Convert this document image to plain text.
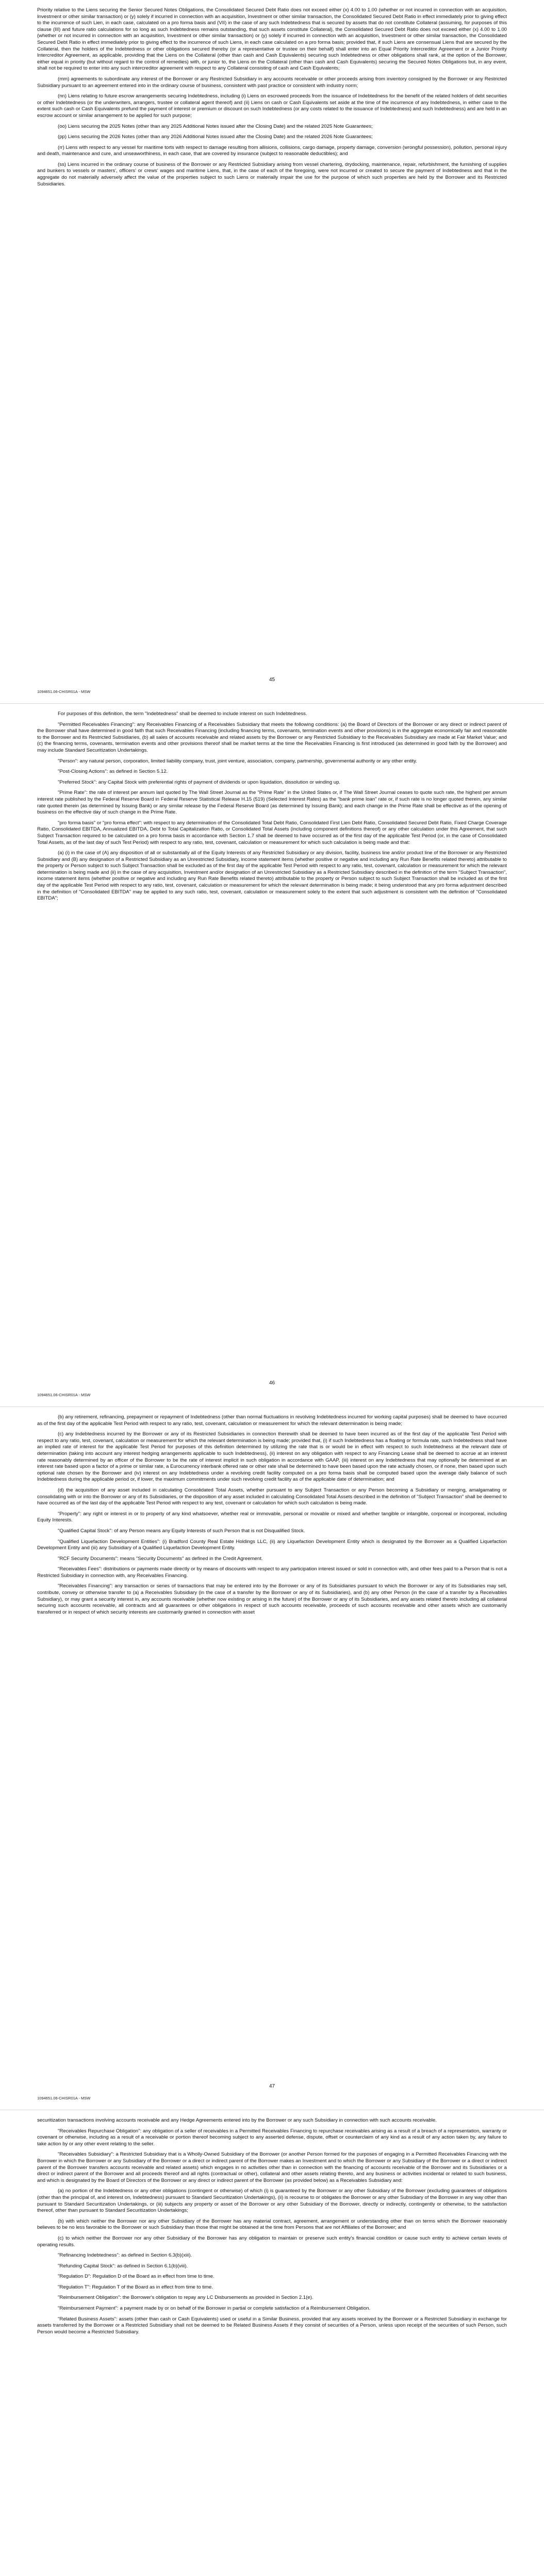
Priority relative to the Liens securing the Senior Secured Notes Obligations, the Consolidated Secured Debt Ratio does not exceed either (x) 4.00 to 1.00 (whether or not incurred in connection with an acquisition, Investment or other similar transaction) or (y) solely if incurred in connection with an acquisition, Investment or other similar transaction, the Consolidated Secured Debt Ratio in effect immediately prior to giving effect to the incurrence of such Lien, in each case, calculated on a pro forma basis and (VII) in the case of any such Indebtedness that is secured by assets that do not constitute Collateral (assuming, for purposes of this clause (III) and future ratio calculations for so long as such Indebtedness remains outstanding, that such assets constitute Collateral), the Consolidated Secured Debt Ratio does not exceed either (x) 4.00 to 1.00 (whether or not incurred in connection with an acquisition, Investment or other similar transaction) or (y) solely if incurred in connection with an acquisition, Investment or other similar transaction, the Consolidated Secured Debt Ratio in effect immediately prior to giving effect to the incurrence of such Liens, in each case calculated on a pro forma basis; provided that, if such Liens are consensual Liens that are secured by the Collateral, then the holders of the Indebtedness or other obligations secured thereby (or a representative or trustee on their behalf) shall enter into an Equal Priority Intercreditor Agreement or a Junior Priority Intercreditor Agreement, as applicable, providing that the Liens on the Collateral (other than cash and Cash Equivalents) securing such Indebtedness or other obligations shall rank, at the option of the Borrower, either equal in priority (but without regard to the control of remedies) with, or junior to, the Liens on the Collateral (other than cash and Cash Equivalents) securing the Secured Notes Obligations but, in any event, shall not be required to enter into any such intercreditor agreement with respect to any Collateral consisting of cash and Cash Equivalents;

(mm) agreements to subordinate any interest of the Borrower or any Restricted Subsidiary in any accounts receivable or other proceeds arising from inventory consigned by the Borrower or any Restricted Subsidiary pursuant to an agreement entered into in the ordinary course of business, consistent with past practice or consistent with industry norm;

(nn) Liens relating to future escrow arrangements securing Indebtedness, including (i) Liens on escrowed proceeds from the issuance of Indebtedness for the benefit of the related holders of debt securities or other Indebtedness (or the underwriters, arrangers, trustee or collateral agent thereof) and (ii) Liens on cash or Cash Equivalents set aside at the time of the incurrence of any Indebtedness, in either case to the extent such cash or Cash Equivalents prefund the payment of interest or premium or discount on such Indebtedness (or any costs related to the issuance of Indebtedness) and such Indebtedness) and are held in an escrow account or similar arrangement to be applied for such purpose;

(oo) Liens securing the 2025 Notes (other than any 2025 Additional Notes issued after the Closing Date) and the related 2025 Note Guarantees;

(pp) Liens securing the 2026 Notes (other than any 2026 Additional Notes issued after the Closing Date) and the related 2026 Note Guarantees;

(rr) Liens with respect to any vessel for maritime torts with respect to damage resulting from allisions, collisions, cargo damage, property damage, conversion (wrongful possession), pollution, personal injury and death, maintenance and cure, and unseaworthiness, in each case, that are covered by insurance (subject to reasonable deductibles); and

(ss) Liens incurred in the ordinary course of business of the Borrower or any Restricted Subsidiary arising from vessel chartering, drydocking, maintenance, repair, refurbishment, the furnishing of supplies and bunkers to vessels or masters', officers' or crews' wages and maritime Liens, that, in the case of each of the foregoing, were not incurred or created to secure the payment of Indebtedness and that in the aggregate do not materially adversely affect the value of the properties subject to such Liens or materially impair the use for the purpose of which such properties are held by the Borrower and its Restricted Subsidiaries.

45
1094651.06-CHISR01A - MSW

For purposes of this definition, the term "Indebtedness" shall be deemed to include interest on such Indebtedness.

"Permitted Receivables Financing": any Receivables Financing of a Receivables Subsidiary that meets the following conditions: (a) the Board of Directors of the Borrower or any direct or indirect parent of the Borrower shall have determined in good faith that such Receivables Financing (including financing terms, covenants, termination events and other provisions) is in the aggregate economically fair and reasonable to the Borrower and its Restricted Subsidiaries, (b) all sales of accounts receivable and related assets by the Borrower or any Restricted Subsidiary to the Receivables Subsidiary are made at Fair Market Value; and (c) the financing terms, covenants, termination events and other provisions thereof shall be market terms at the time the Receivables Financing is first introduced (as determined in good faith by the Borrower) and may include Standard Securitization Undertakings.

"Person": any natural person, corporation, limited liability company, trust, joint venture, association, company, partnership, governmental authority or any other entity.

"Post-Closing Actions": as defined in Section 5.12.

"Preferred Stock": any Capital Stock with preferential rights of payment of dividends or upon liquidation, dissolution or winding up.

"Prime Rate": the rate of interest per annum last quoted by The Wall Street Journal as the "Prime Rate" in the United States or, if The Wall Street Journal ceases to quote such rate, the highest per annum interest rate published by the Federal Reserve Board in Federal Reserve Statistical Release H.15 (519) (Selected Interest Rates) as the "bank prime loan" rate or, if such rate is no longer quoted therein, any similar rate quoted therein (as determined by Issuing Bank) or any similar release by the Federal Reserve Board (as determined by Issuing Bank); and each change in the Prime Rate shall be effective as of the opening of business on the effective day of such change in the Prime Rate.

"pro forma basis" or "pro forma effect": with respect to any determination of the Consolidated Total Debt Ratio, Consolidated First Lien Debt Ratio, Consolidated Secured Debt Ratio, Fixed Charge Coverage Ratio, Consolidated EBITDA, Annualized EBITDA, Debt to Total Capitalization Ratio, or Consolidated Total Assets (including component definitions thereof) or any other calculation under this Agreement, that such Subject Transaction required to be calculated on a pro forma basis in accordance with Section 1.7 shall be deemed to have occurred as of the first day of the applicable Test Period (or, in the case of Consolidated Total Assets, as of the last day of such Test Period) with respect to any ratio, test, covenant, calculation or measurement for which such calculation is being made and that:

(a) (i) in the case of (A) any disposition of all or substantially all of the Equity Interests of any Restricted Subsidiary or any division, facility, business line and/or product line of the Borrower or any Restricted Subsidiary and (B) any designation of a Restricted Subsidiary as an Unrestricted Subsidiary, income statement items (whether positive or negative and including any Run Rate Benefits related thereto) attributable to the property or Person subject to such Subject Transaction shall be excluded as of the first day of the applicable Test Period with respect to any ratio, test, covenant, calculation or measurement for which the relevant determination is being made and (ii) in the case of any acquisition, Investment and/or designation of an Unrestricted Subsidiary as a Restricted Subsidiary described in the definition of the term "Subject Transaction", income statement items (whether positive or negative and including any Run Rate Benefits related thereto) attributable to the property or Person subject to such Subject Transaction shall be included as of the first day of the applicable Test Period with respect to any ratio, test, covenant, calculation or measurement for which the relevant determination is being made; it being understood that any pro forma adjustment described in the definition of "Consolidated EBITDA" may be applied to any such ratio, test, covenant, calculation or measurement solely to the extent that such adjustment is consistent with the definition of "Consolidated EBITDA";

46
1094651.06-CHISR01A - MSW

(b) any retirement, refinancing, prepayment or repayment of Indebtedness (other than normal fluctuations in revolving Indebtedness incurred for working capital purposes) shall be deemed to have occurred as of the first day of the applicable Test Period with respect to any ratio, test, covenant, calculation or measurement for which the relevant determination is being made;

(c) any Indebtedness incurred by the Borrower or any of its Restricted Subsidiaries in connection therewith shall be deemed to have been incurred as of the first day of the applicable Test Period with respect to any ratio, test, covenant, calculation or measurement for which the relevant determination is being made; provided that, (i) if such Indebtedness has a floating or formula rate, such Indebtedness shall have an implied rate of interest for the applicable Test Period for purposes of this definition determined by utilizing the rate that is or would be in effect with respect to such Indebtedness at the relevant date of determination (taking into account any interest hedging arrangements applicable to such Indebtedness), (ii) interest on any obligation with respect to any Financing Lease shall be deemed to accrue at an interest rate reasonably determined by an officer of the Borrower to be the rate of interest implicit in such obligation in accordance with GAAP, (iii) interest on any Indebtedness that may optionally be determined at an interest rate based upon a factor of a prime or similar rate, a Eurocurrency interbank offered rate or other rate shall be determined to have been based upon the rate actually chosen, or if none, then based upon such optional rate chosen by the Borrower and (iv) interest on any Indebtedness under a revolving credit facility computed on a pro forma basis shall be computed based upon the average daily balance of such Indebtedness during the applicable period or, if lower, the maximum commitments under such revolving credit facility as of the applicable date of determination; and

(d) the acquisition of any asset included in calculating Consolidated Total Assets, whether pursuant to any Subject Transaction or any Person becoming a Subsidiary or merging, amalgamating or consolidating with or into the Borrower or any of its Subsidiaries, or the disposition of any asset included in calculating Consolidated Total Assets described in the definition of "Subject Transaction" shall be deemed to have occurred as of the last day of the applicable Test Period with respect to any test, covenant or calculation for which such calculation is being made.

"Property": any right or interest in or to property of any kind whatsoever, whether real or immovable, personal or movable or mixed and whether tangible or intangible, corporeal or incorporeal, including Equity Interests.

"Qualified Capital Stock": of any Person means any Equity Interests of such Person that is not Disqualified Stock.

"Qualified Liquefaction Development Entities": (i) Bradford County Real Estate Holdings LLC, (ii) any Liquefaction Development Entity which is designated by the Borrower as a Qualified Liquefaction Development Entity and (iii) any Subsidiary of a Qualified Liquefaction Development Entity.

"RCF Security Documents": means "Security Documents" as defined in the Credit Agreement.

"Receivables Fees": distributions or payments made directly or by means of discounts with respect to any participation interest issued or sold in connection with, and other fees paid to a Person that is not a Restricted Subsidiary in connection with, any Receivables Financing.

"Receivables Financing": any transaction or series of transactions that may be entered into by the Borrower or any of its Subsidiaries pursuant to which the Borrower or any of its Subsidiaries may sell, contribute, convey or otherwise transfer to (a) a Receivables Subsidiary (in the case of a transfer by the Borrower or any of its Subsidiaries), and (b) any other Person (in the case of a transfer by a Receivables Subsidiary), or may grant a security interest in, any accounts receivable (whether now existing or arising in the future) of the Borrower or any of its Subsidiaries, and any assets related thereto including all collateral securing such accounts receivable, all contracts and all guarantees or other obligations in respect of such accounts receivable, proceeds of such accounts receivable and other assets which are customarily transferred or in respect of which security interests are customarily granted in connection with asset

47
1094651.06-CHISR01A - MSW

securitization transactions involving accounts receivable and any Hedge Agreements entered into by the Borrower or any such Subsidiary in connection with such accounts receivable.

"Receivables Repurchase Obligation": any obligation of a seller of receivables in a Permitted Receivables Financing to repurchase receivables arising as a result of a breach of a representation, warranty or covenant or otherwise, including as a result of a receivable or portion thereof becoming subject to any asserted defense, dispute, offset or counterclaim of any kind as a result of any action taken by, any failure to take action by or any other event relating to the seller.

"Receivables Subsidiary": a Restricted Subsidiary that is a Wholly-Owned Subsidiary of the Borrower (or another Person formed for the purposes of engaging in a Permitted Receivables Financing with the Borrower in which the Borrower or any Subsidiary of the Borrower or a direct or indirect parent of the Borrower makes an Investment and to which the Borrower or any Subsidiary of the Borrower or a direct or indirect parent of the Borrower transfers accounts receivable and related assets) which engages in no activities other than in connection with the financing of accounts receivable of the Borrower and its Subsidiaries or a direct or indirect parent of the Borrower and all proceeds thereof and all rights (contractual or other), collateral and other assets relating thereto, and any business or activities incidental or related to such business, and which is designated by the Board of Directors of the Borrower or any direct or indirect parent of the Borrower (as provided below) as a Receivables Subsidiary and:

(a) no portion of the Indebtedness or any other obligations (contingent or otherwise) of which (i) is guaranteed by the Borrower or any other Subsidiary of the Borrower (excluding guarantees of obligations (other than the principal of, and interest on, Indebtedness) pursuant to Standard Securitization Undertakings), (ii) is recourse to or obligates the Borrower or any other Subsidiary of the Borrower in any way other than pursuant to Standard Securitization Undertakings, or (iii) subjects any property or asset of the Borrower or any other Subsidiary of the Borrower, directly or indirectly, contingently or otherwise, to the satisfaction thereof, other than pursuant to Standard Securitization Undertakings;

(b) with which neither the Borrower nor any other Subsidiary of the Borrower has any material contract, agreement, arrangement or understanding other than on terms which the Borrower reasonably believes to be no less favorable to the Borrower or such Subsidiary than those that might be obtained at the time from Persons that are not Affiliates of the Borrower; and

(c) to which neither the Borrower nor any other Subsidiary of the Borrower has any obligation to maintain or preserve such entity's financial condition or cause such entity to achieve certain levels of operating results.

"Refinancing Indebtedness": as defined in Section 6.3(b)(xiii).

"Refunding Capital Stock": as defined in Section 6.1(b)(viii).

"Regulation D": Regulation D of the Board as in effect from time to time.

"Regulation T": Regulation T of the Board as in effect from time to time.

"Reimbursement Obligation": the Borrower's obligation to repay any LC Disbursements as provided in Section 2.1(e).

"Reimbursement Payment": a payment made by or on behalf of the Borrower in partial or complete satisfaction of a Reimbursement Obligation.

"Related Business Assets": assets (other than cash or Cash Equivalents) used or useful in a Similar Business, provided that any assets received by the Borrower or a Restricted Subsidiary in exchange for assets transferred by the Borrower or a Restricted Subsidiary shall not be deemed to be Related Business Assets if they consist of securities of a Person, unless upon receipt of the securities of such Person, such Person would become a Restricted Subsidiary.
